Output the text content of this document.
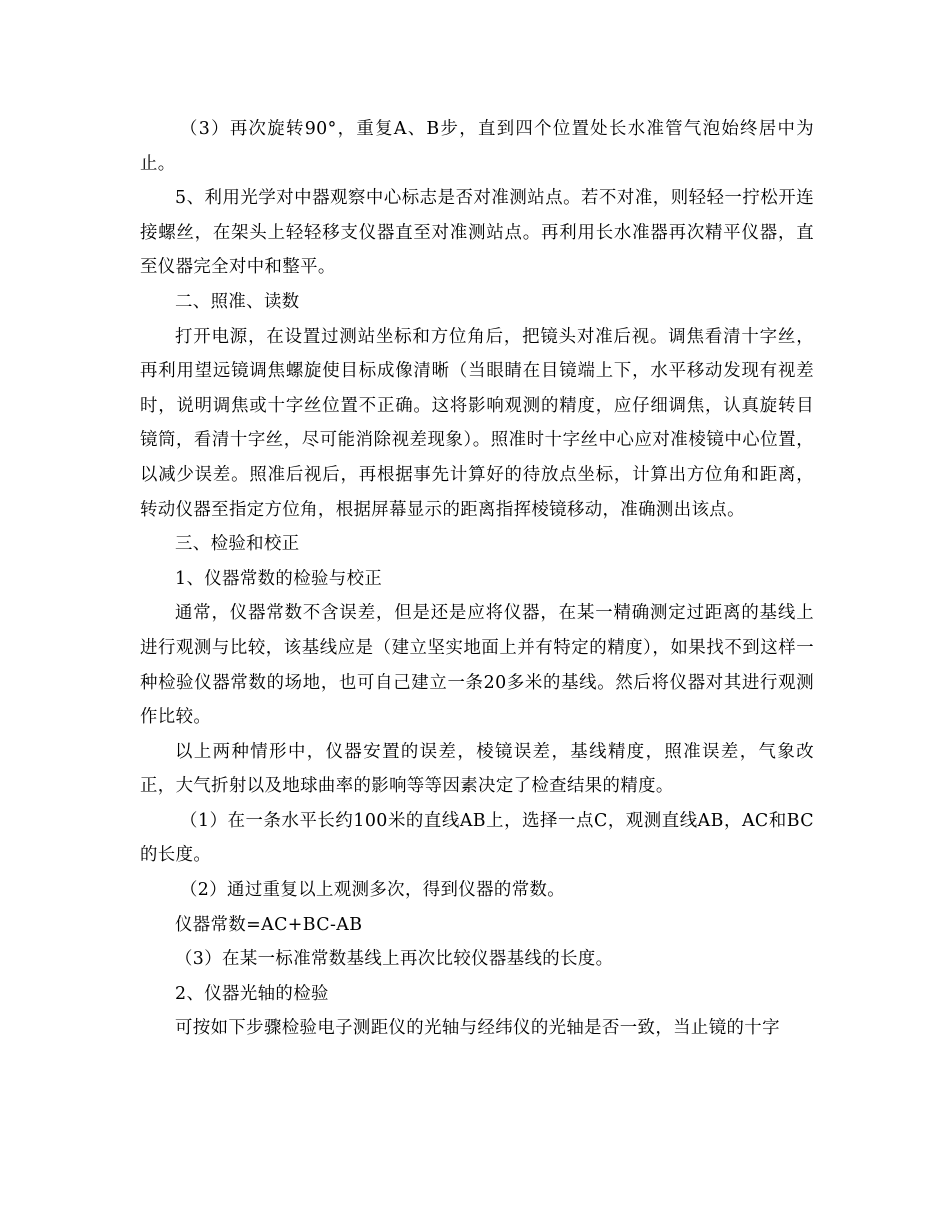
（3）再次旋转90°，重复A、B步，直到四个位置处长水准管气泡始终居中为止。

5、利用光学对中器观察中心标志是否对准测站点。若不对准，则轻轻一拧松开连接螺丝，在架头上轻轻移支仪器直至对准测站点。再利用长水准器再次精平仪器，直至仪器完全对中和整平。

二、照准、读数

打开电源，在设置过测站坐标和方位角后，把镜头对准后视。调焦看清十字丝，再利用望远镜调焦螺旋使目标成像清晰（当眼睛在目镜端上下，水平移动发现有视差时，说明调焦或十字丝位置不正确。这将影响观测的精度，应仔细调焦，认真旋转目镜筒，看清十字丝，尽可能消除视差现象）。照准时十字丝中心应对准棱镜中心位置，以减少误差。照准后视后，再根据事先计算好的待放点坐标，计算出方位角和距离，转动仪器至指定方位角，根据屏幕显示的距离指挥棱镜移动，准确测出该点。

三、检验和校正

1、仪器常数的检验与校正

通常，仪器常数不含误差，但是还是应将仪器，在某一精确测定过距离的基线上进行观测与比较，该基线应是（建立坚实地面上并有特定的精度），如果找不到这样一种检验仪器常数的场地，也可自己建立一条20多米的基线。然后将仪器对其进行观测作比较。

以上两种情形中，仪器安置的误差，棱镜误差，基线精度，照准误差，气象改正，大气折射以及地球曲率的影响等等因素决定了检查结果的精度。

（1）在一条水平长约100米的直线AB上，选择一点C，观测直线AB，AC和BC的长度。

（2）通过重复以上观测多次，得到仪器的常数。

仪器常数=AC+BC-AB

（3）在某一标准常数基线上再次比较仪器基线的长度。

2、仪器光轴的检验

可按如下步骤检验电子测距仪的光轴与经纬仪的光轴是否一致，当止镜的十字
